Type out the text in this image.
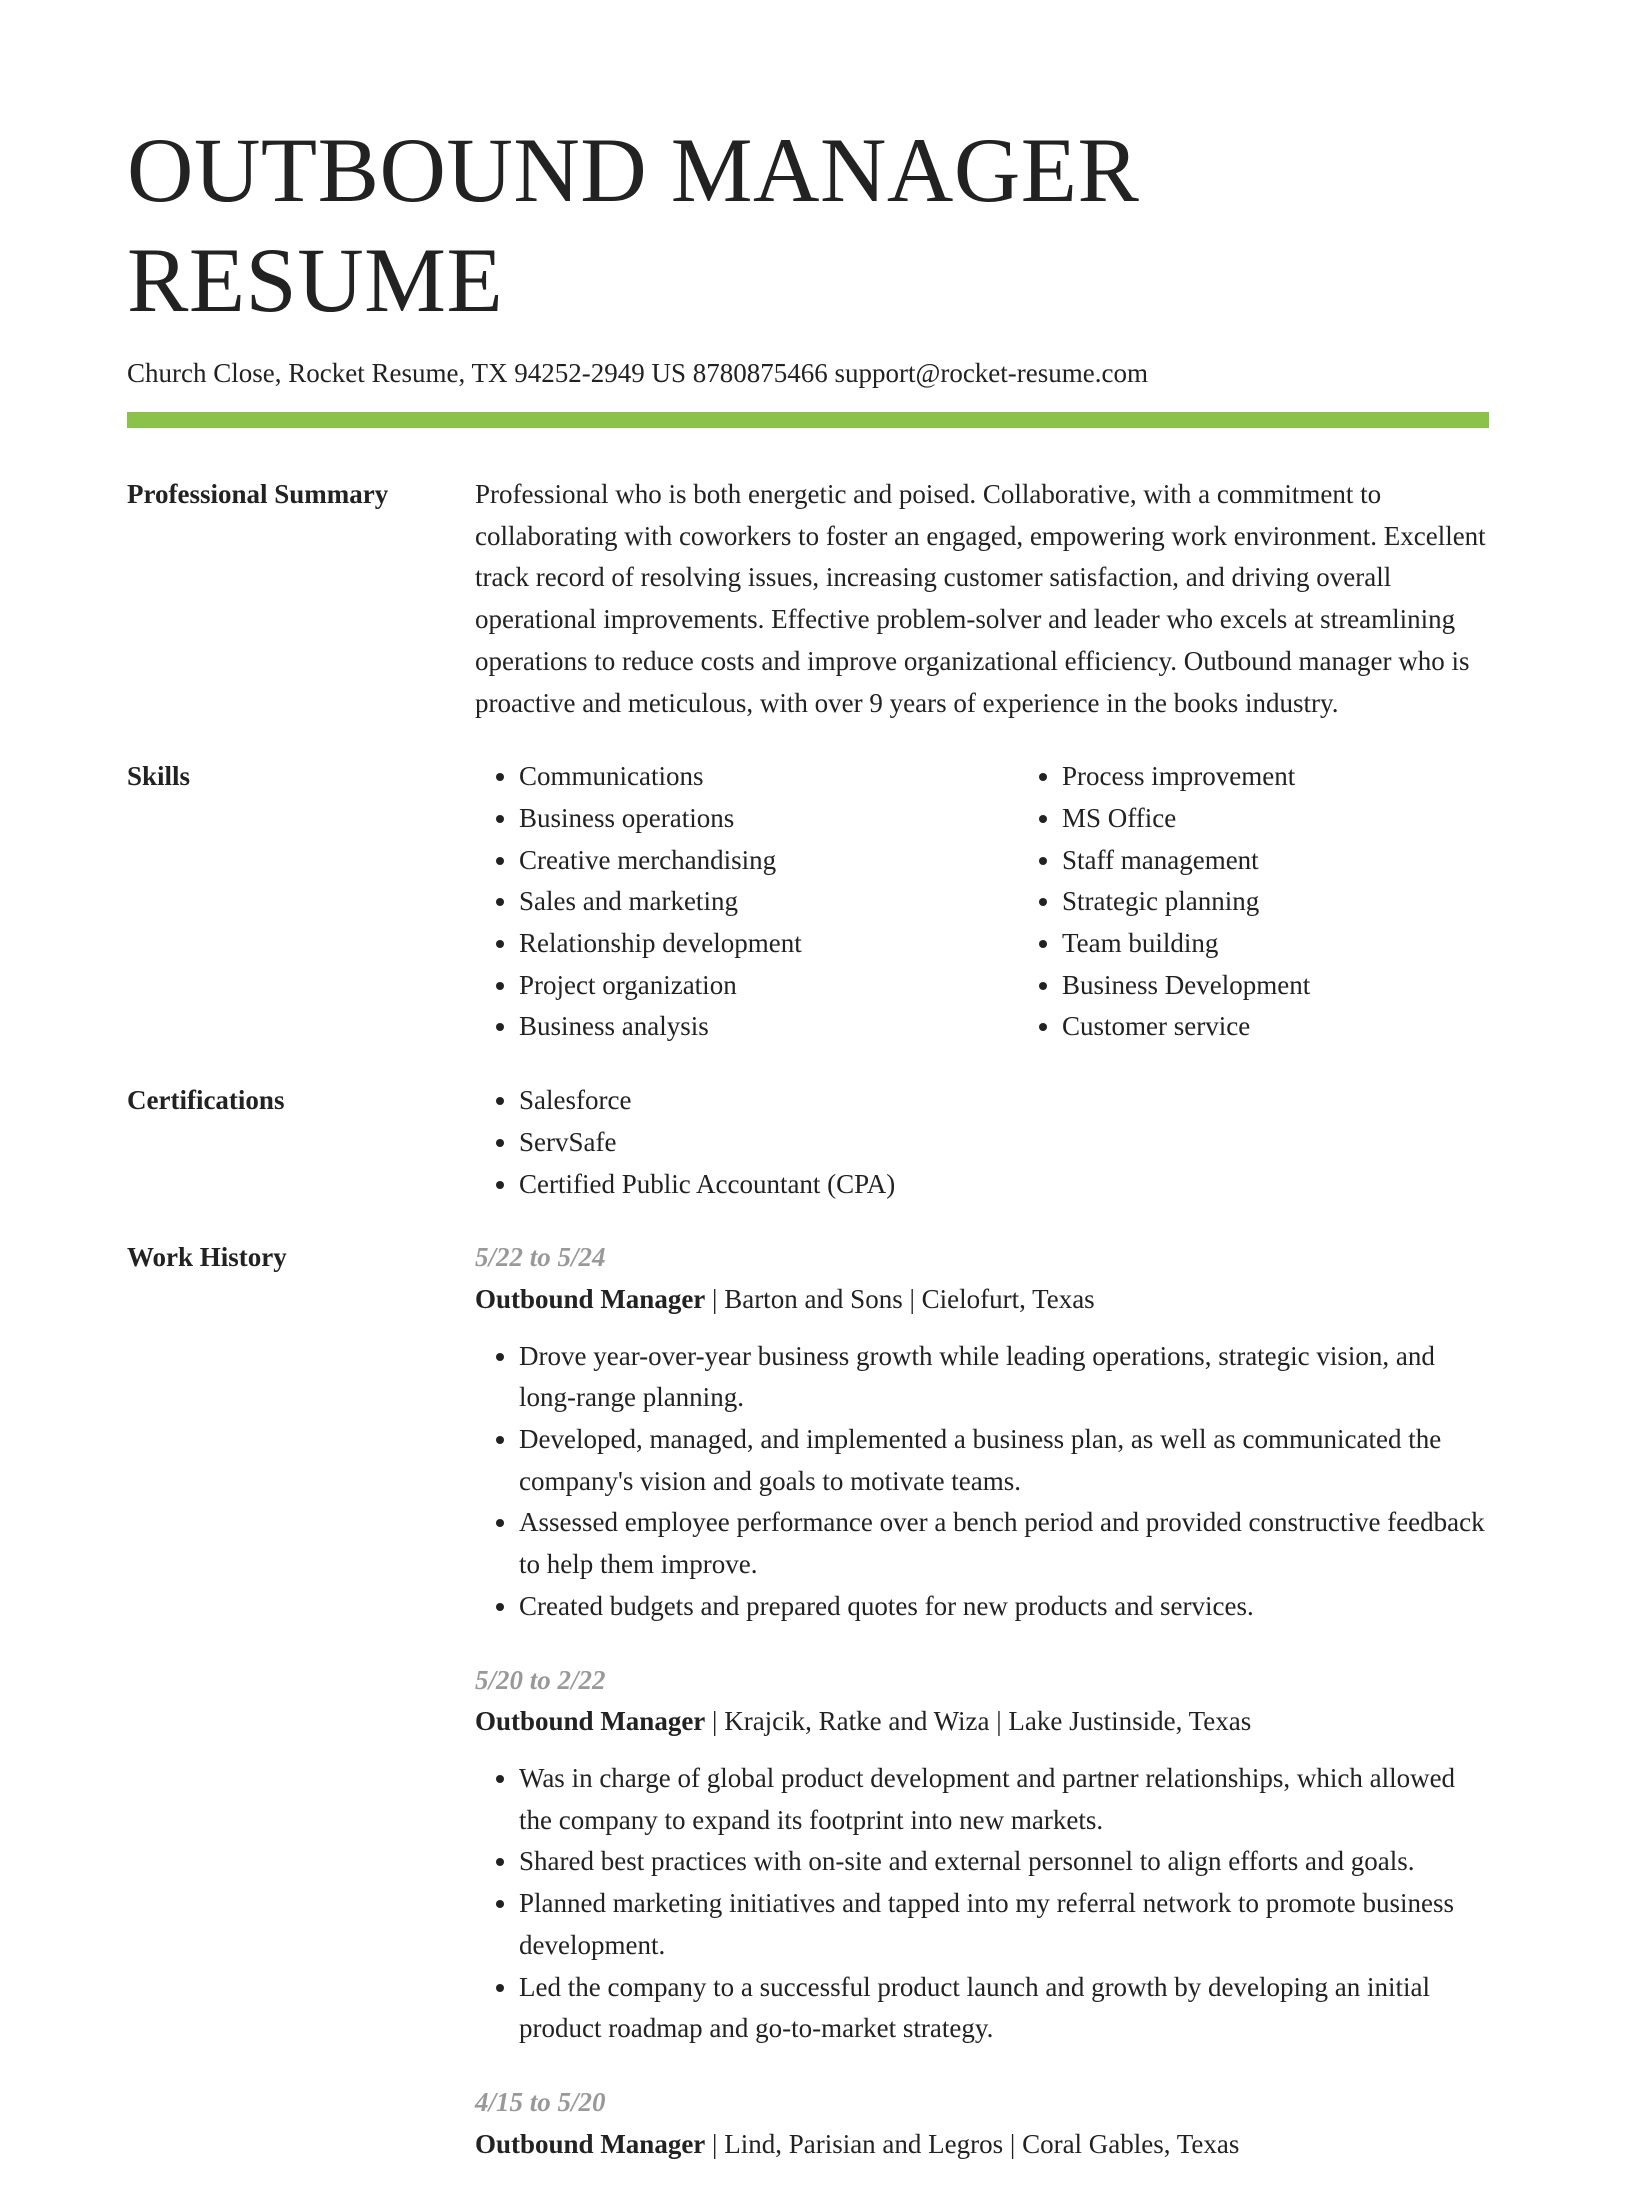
OUTBOUND MANAGER RESUME
Church Close, Rocket Resume, TX 94252-2949 US 8780875466 support@rocket-resume.com
Professional Summary	Professional who is both energetic and poised. Collaborative, with a commitment to collaborating with coworkers to foster an engaged, empowering work environment. Excellent track record of resolving issues, increasing customer satisfaction, and driving overall operational improvements. Effective problem-solver and leader who excels at streamlining operations to reduce costs and improve organizational efficiency. Outbound manager who is proactive and meticulous, with over 9 years of experience in the books industry.
Skills	• Communications
• Business operations
• Creative merchandising
• Sales and marketing
• Relationship development
• Project organization
• Business analysis
• Process improvement
• MS Office
• Staff management
• Strategic planning
• Team building
• Business Development
• Customer service
Certifications	• Salesforce
• ServSafe
• Certified Public Accountant (CPA)
Work History	5/22 to 5/24
Outbound Manager | Barton and Sons | Cielofurt, Texas
• Drove year-over-year business growth while leading operations, strategic vision, and long-range planning.
• Developed, managed, and implemented a business plan, as well as communicated the company's vision and goals to motivate teams.
• Assessed employee performance over a bench period and provided constructive feedback to help them improve.
• Created budgets and prepared quotes for new products and services.
5/20 to 2/22
Outbound Manager | Krajcik, Ratke and Wiza | Lake Justinside, Texas
• Was in charge of global product development and partner relationships, which allowed the company to expand its footprint into new markets.
• Shared best practices with on-site and external personnel to align efforts and goals.
• Planned marketing initiatives and tapped into my referral network to promote business development.
• Led the company to a successful product launch and growth by developing an initial product roadmap and go-to-market strategy.
4/15 to 5/20
Outbound Manager | Lind, Parisian and Legros | Coral Gables, Texas
